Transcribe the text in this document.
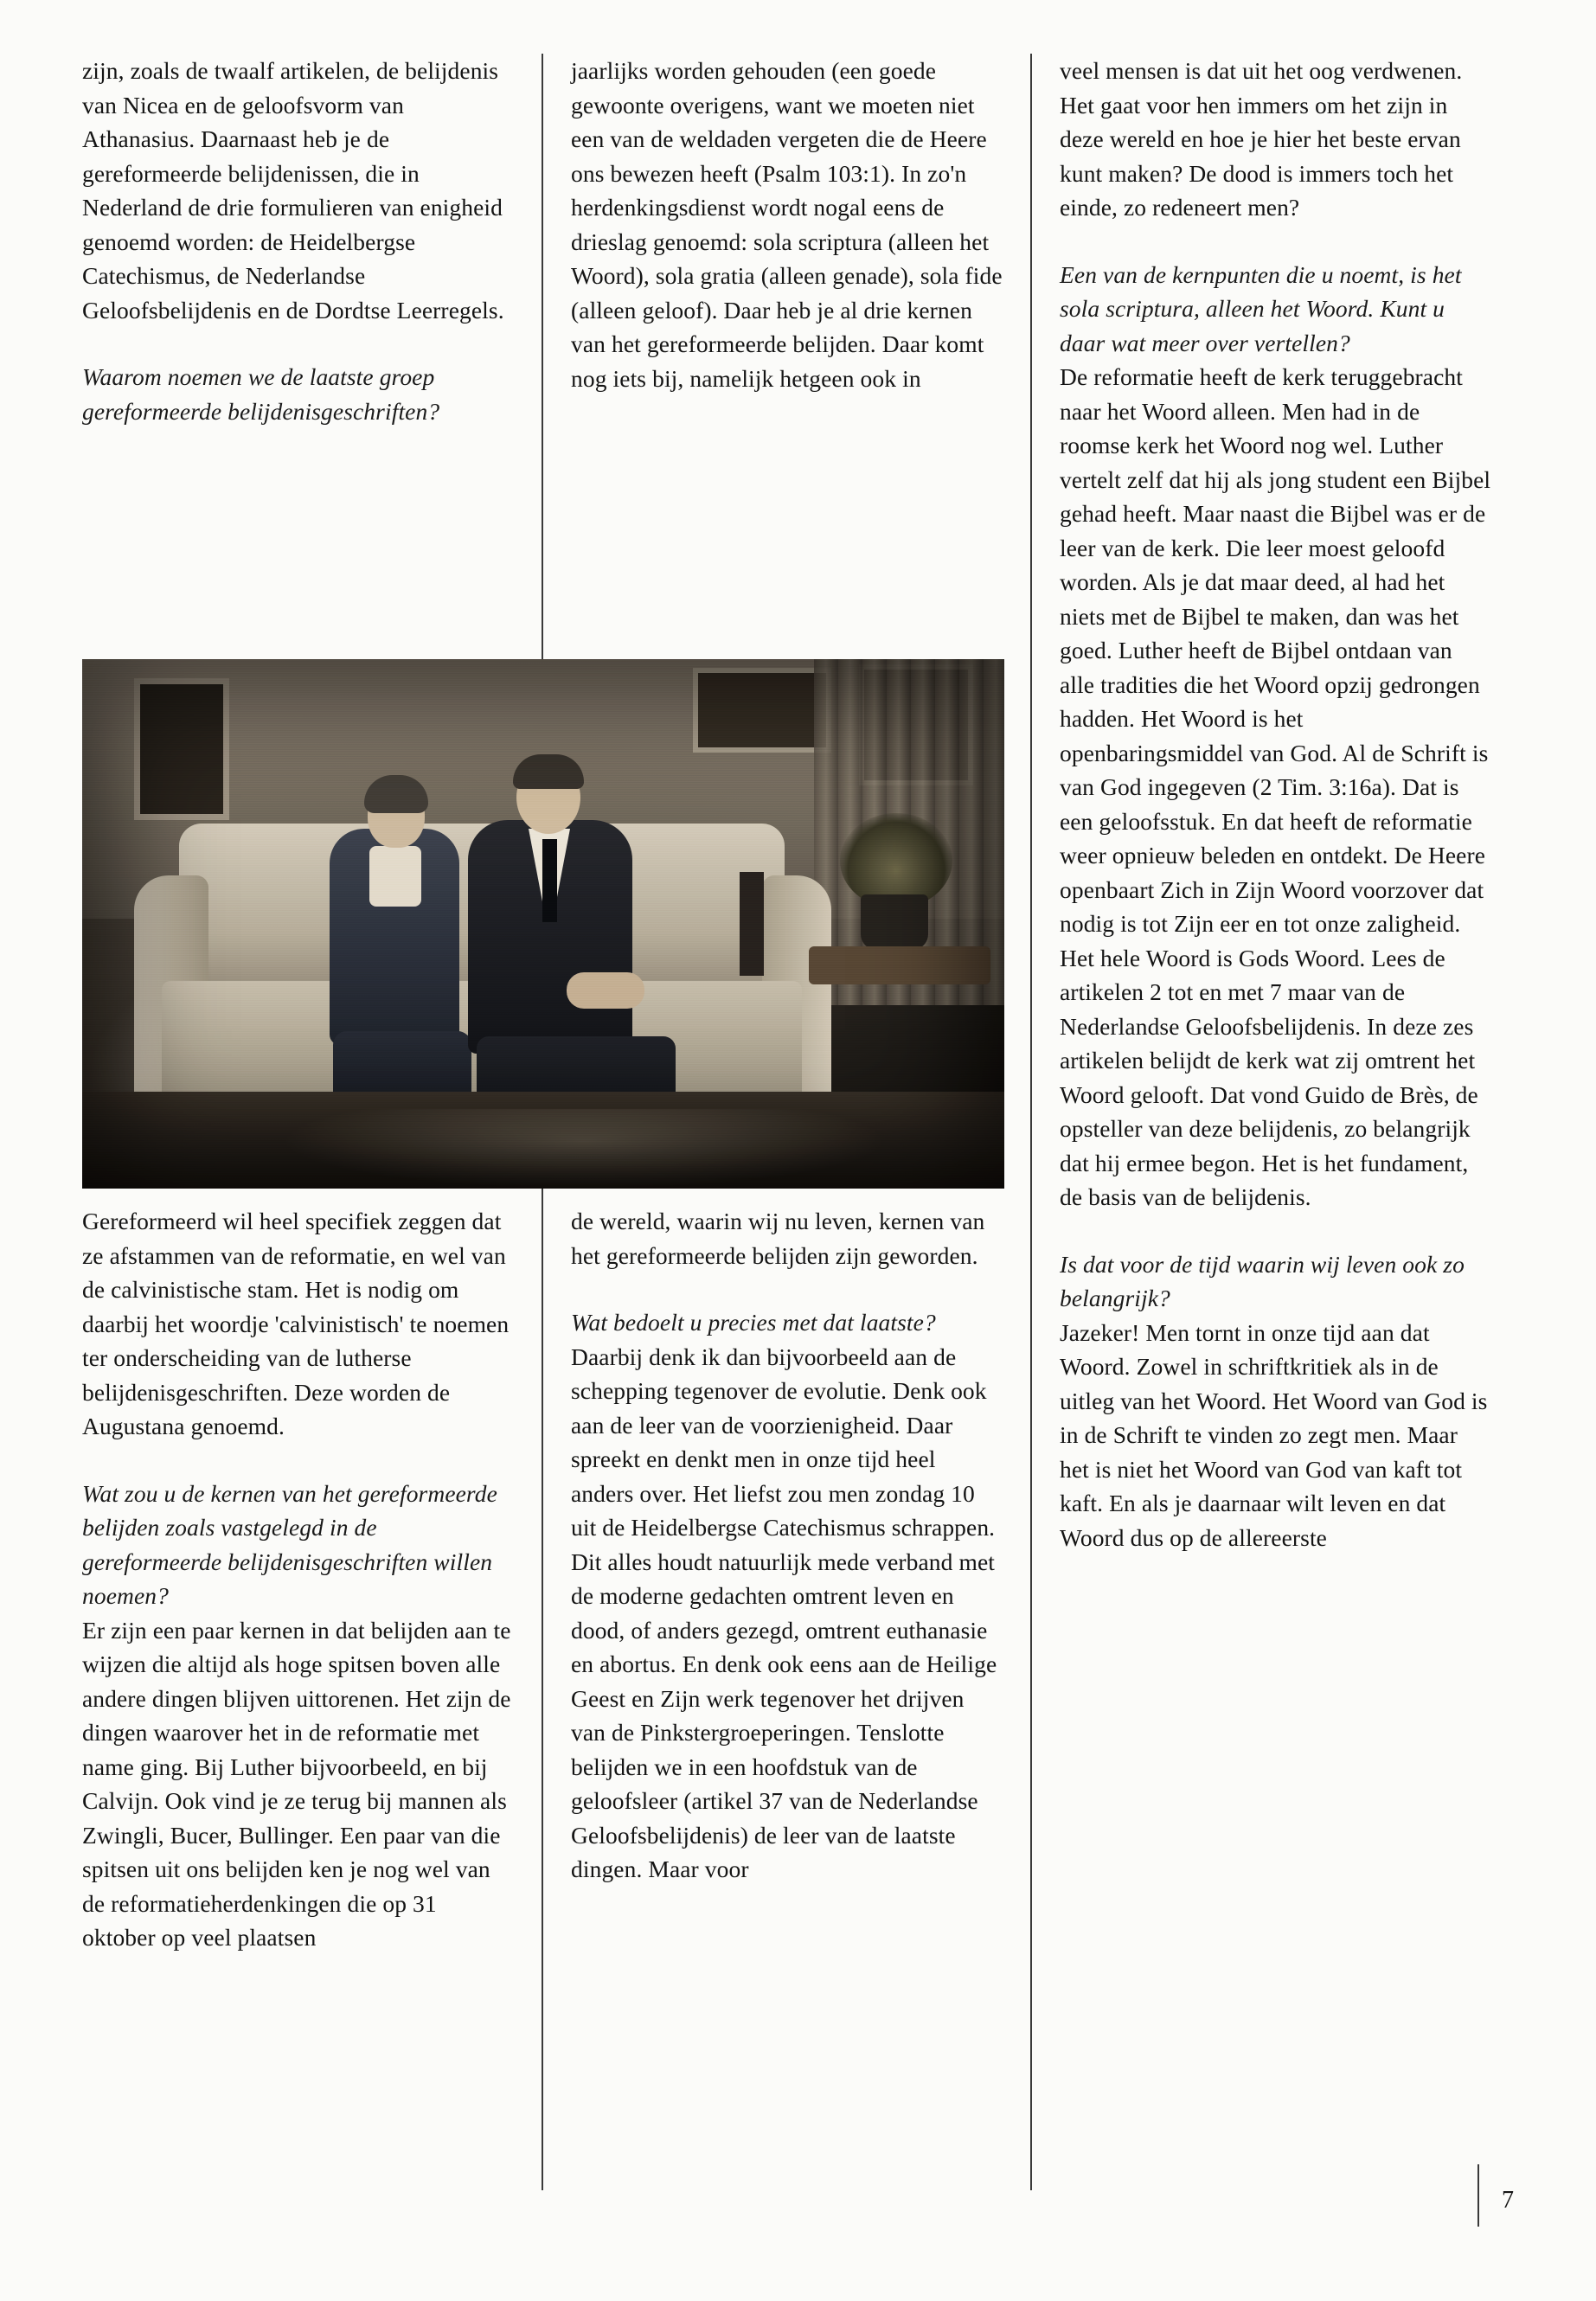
zijn, zoals de twaalf artikelen, de belijdenis van Nicea en de geloofsvorm van Athanasius. Daarnaast heb je de gereformeerde belijdenissen, die in Nederland de drie formulieren van enigheid genoemd worden: de Heidelbergse Catechismus, de Nederlandse Geloofsbelijdenis en de Dordtse Leerregels.

Waarom noemen we de laatste groep gereformeerde belijdenisgeschriften?

jaarlijks worden gehouden (een goede gewoonte overigens, want we moeten niet een van de weldaden vergeten die de Heere ons bewezen heeft (Psalm 103:1). In zo'n herdenkingsdienst wordt nogal eens de drieslag genoemd: sola scriptura (alleen het Woord), sola gratia (alleen genade), sola fide (alleen geloof). Daar heb je al drie kernen van het gereformeerde belijden. Daar komt nog iets bij, namelijk hetgeen ook in

veel mensen is dat uit het oog verdwenen. Het gaat voor hen immers om het zijn in deze wereld en hoe je hier het beste ervan kunt maken? De dood is immers toch het einde, zo redeneert men?

Een van de kernpunten die u noemt, is het sola scriptura, alleen het Woord. Kunt u daar wat meer over vertellen?

De reformatie heeft de kerk teruggebracht naar het Woord alleen. Men had in de roomse kerk het Woord nog wel. Luther vertelt zelf dat hij als jong student een Bijbel gehad heeft. Maar naast die Bijbel was er de leer van de kerk. Die leer moest geloofd worden. Als je dat maar deed, al had het niets met de Bijbel te maken, dan was het goed. Luther heeft de Bijbel ontdaan van alle tradities die het Woord opzij gedrongen hadden. Het Woord is het openbaringsmiddel van God. Al de Schrift is van God ingegeven (2 Tim. 3:16a). Dat is een geloofsstuk. En dat heeft de reformatie weer opnieuw beleden en ontdekt. De Heere openbaart Zich in Zijn Woord voorzover dat nodig is tot Zijn eer en tot onze zaligheid. Het hele Woord is Gods Woord. Lees de artikelen 2 tot en met 7 maar van de Nederlandse Geloofsbelijdenis. In deze zes artikelen belijdt de kerk wat zij omtrent het Woord gelooft. Dat vond Guido de Brès, de opsteller van deze belijdenis, zo belangrijk dat hij ermee begon. Het is het fundament, de basis van de belijdenis.

Is dat voor de tijd waarin wij leven ook zo belangrijk?

Jazeker! Men tornt in onze tijd aan dat Woord. Zowel in schriftkritiek als in de uitleg van het Woord. Het Woord van God is in de Schrift te vinden zo zegt men. Maar het is niet het Woord van God van kaft tot kaft. En als je daarnaar wilt leven en dat Woord dus op de allereerste

Gereformeerd wil heel specifiek zeggen dat ze afstammen van de reformatie, en wel van de calvinistische stam. Het is nodig om daarbij het woordje 'calvinistisch' te noemen ter onderscheiding van de lutherse belijdenisgeschriften. Deze worden de Augustana genoemd.

Wat zou u de kernen van het gereformeerde belijden zoals vastgelegd in de gereformeerde belijdenisgeschriften willen noemen?

Er zijn een paar kernen in dat belijden aan te wijzen die altijd als hoge spitsen boven alle andere dingen blijven uittorenen. Het zijn de dingen waarover het in de reformatie met name ging. Bij Luther bijvoorbeeld, en bij Calvijn. Ook vind je ze terug bij mannen als Zwingli, Bucer, Bullinger. Een paar van die spitsen uit ons belijden ken je nog wel van de reformatieherdenkingen die op 31 oktober op veel plaatsen

de wereld, waarin wij nu leven, kernen van het gereformeerde belijden zijn geworden.

Wat bedoelt u precies met dat laatste?

Daarbij denk ik dan bijvoorbeeld aan de schepping tegenover de evolutie. Denk ook aan de leer van de voorzienigheid. Daar spreekt en denkt men in onze tijd heel anders over. Het liefst zou men zondag 10 uit de Heidelbergse Catechismus schrappen. Dit alles houdt natuurlijk mede verband met de moderne gedachten omtrent leven en dood, of anders gezegd, omtrent euthanasie en abortus. En denk ook eens aan de Heilige Geest en Zijn werk tegenover het drijven van de Pinkstergroeperingen. Tenslotte belijden we in een hoofdstuk van de geloofsleer (artikel 37 van de Nederlandse Geloofsbelijdenis) de leer van de laatste dingen. Maar voor

7
